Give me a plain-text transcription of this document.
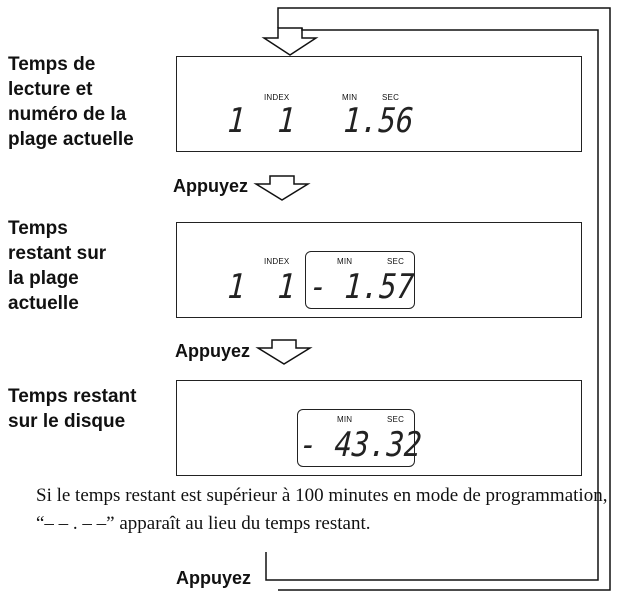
Temps de
lecture et
numéro de la
plage actuelle
Temps
restant sur
la plage
actuelle
Temps restant
sur le disque
INDEX	MIN	SEC
1 1 1.56
INDEX	MIN	SEC
1 1 - 1.57
MIN	SEC
- 43.32
Appuyez
Appuyez
Appuyez
Si le temps restant est supérieur à 100 minutes en mode de programmation, “– – . – –” apparaît au lieu du temps restant.
